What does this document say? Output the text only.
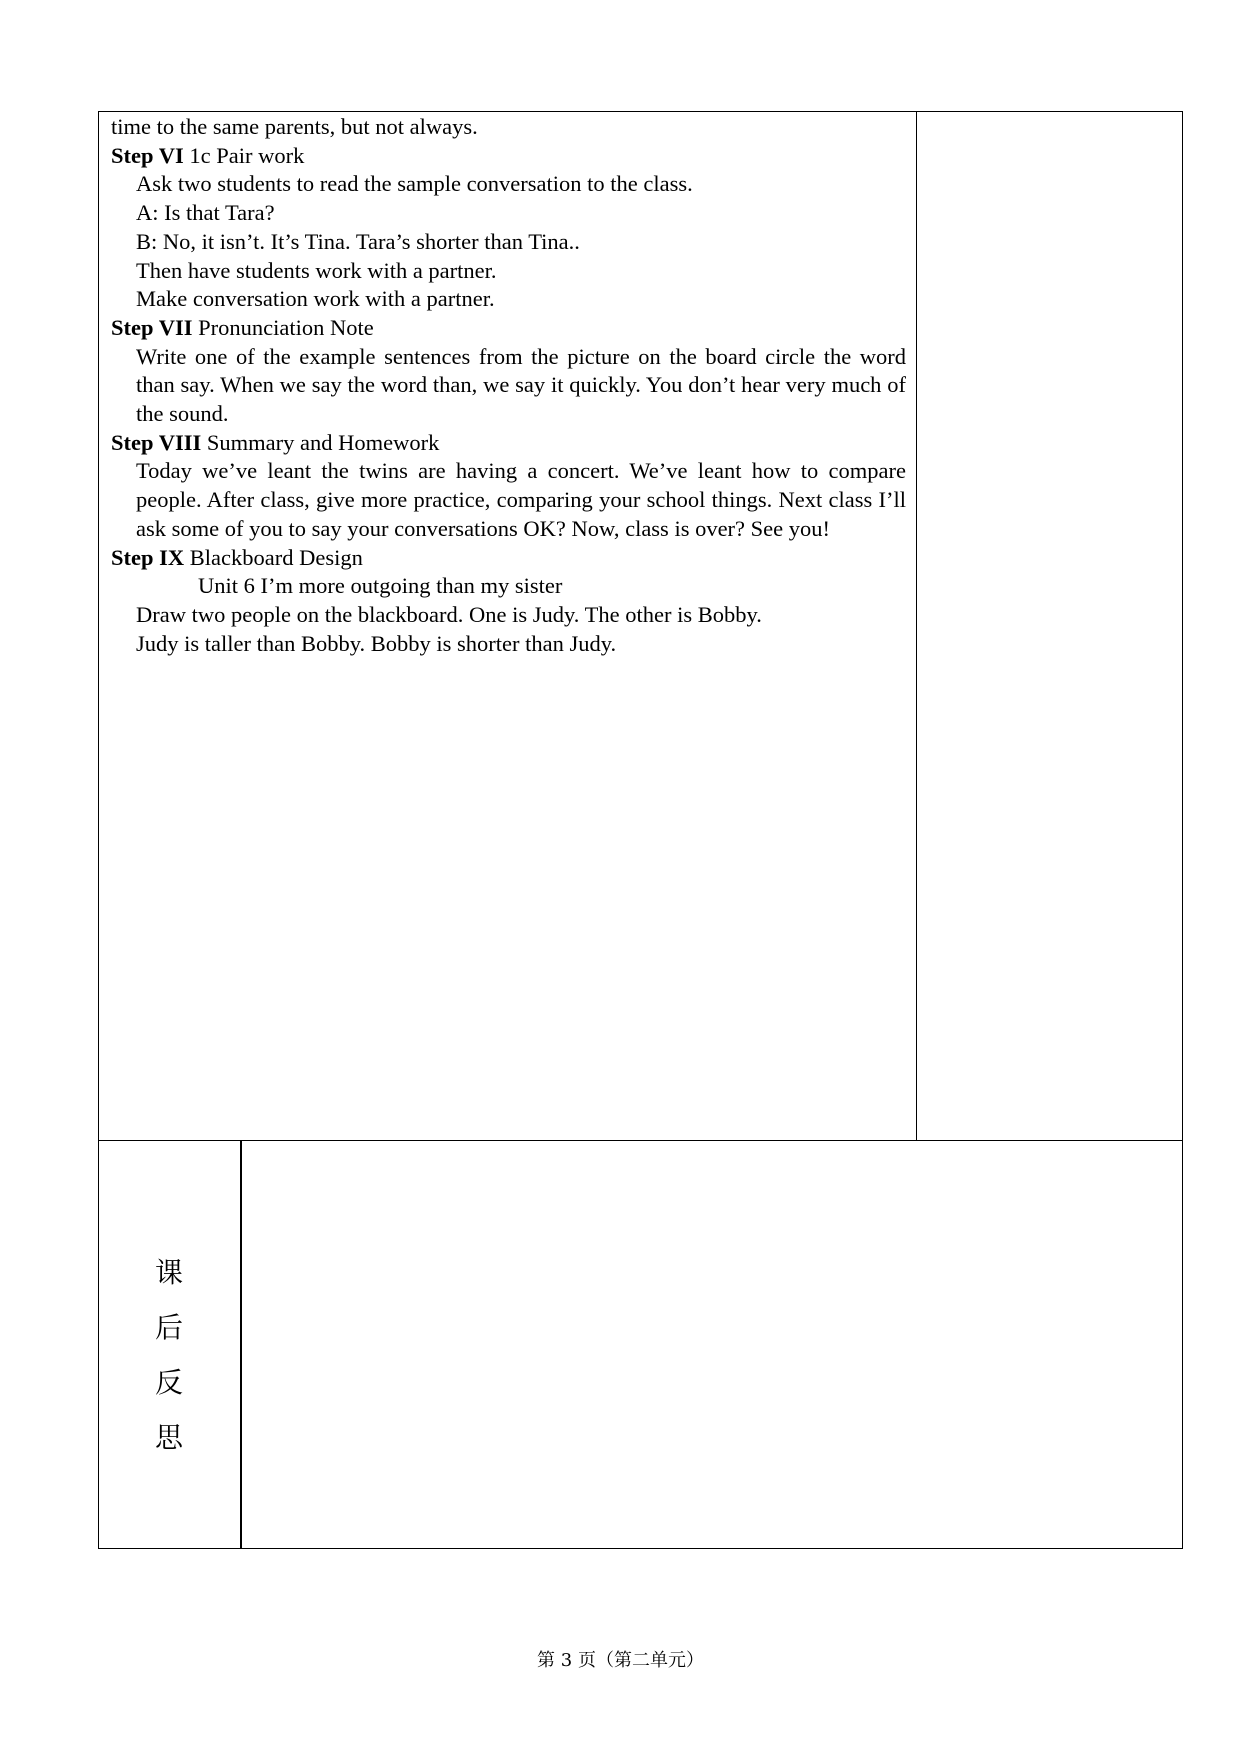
time to the same parents, but not always.

Step VI 1c Pair work

Ask two students to read the sample conversation to the class.

A: Is that Tara?

B: No, it isn’t. It’s Tina. Tara’s shorter than Tina..

Then have students work with a partner.

Make conversation work with a partner.

Step VII Pronunciation Note

Write one of the example sentences from the picture on the board circle the word than say. When we say the word than, we say it quickly. You don’t hear very much of the sound.

Step VIII Summary and Homework

Today we’ve leant the twins are having a concert. We’ve leant how to compare people. After class, give more practice, comparing your school things. Next class I’ll ask some of you to say your conversations OK? Now, class is over? See you!

Step IX Blackboard Design

Unit 6 I’m more outgoing than my sister

Draw two people on the blackboard. One is Judy. The other is Bobby.

Judy is taller than Bobby. Bobby is shorter than Judy.

课
后
反
思
第 3 页（第二单元）
